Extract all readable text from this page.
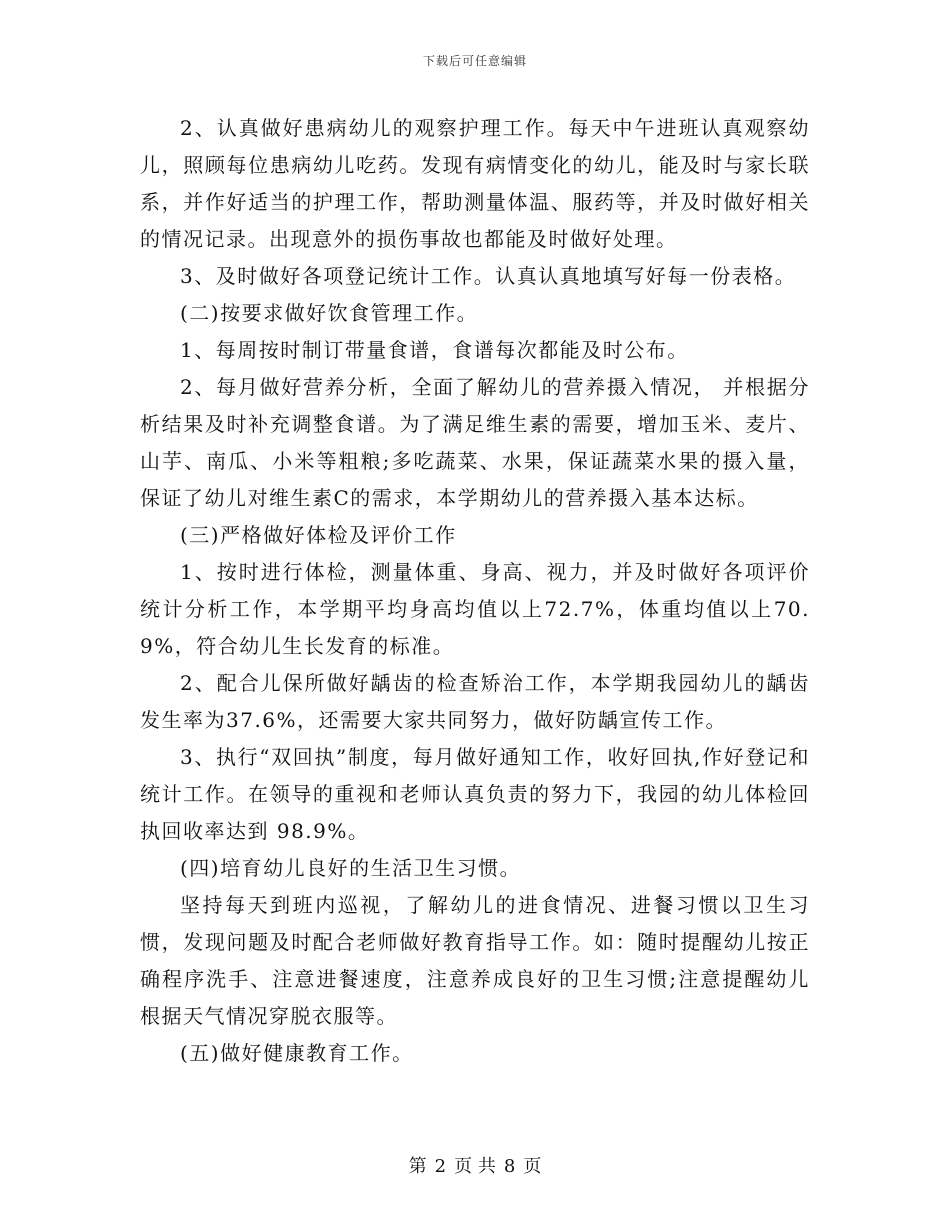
下载后可任意编辑

2、认真做好患病幼儿的观察护理工作。每天中午进班认真观察幼儿，照顾每位患病幼儿吃药。发现有病情变化的幼儿，能及时与家长联系，并作好适当的护理工作，帮助测量体温、服药等，并及时做好相关的情况记录。出现意外的损伤事故也都能及时做好处理。

3、及时做好各项登记统计工作。认真认真地填写好每一份表格。

(二)按要求做好饮食管理工作。

1、每周按时制订带量食谱，食谱每次都能及时公布。

2、每月做好营养分析，全面了解幼儿的营养摄入情况， 并根据分析结果及时补充调整食谱。为了满足维生素的需要，增加玉米、麦片、山芋、南瓜、小米等粗粮;多吃蔬菜、水果，保证蔬菜水果的摄入量，保证了幼儿对维生素C的需求，本学期幼儿的营养摄入基本达标。

(三)严格做好体检及评价工作

1、按时进行体检，测量体重、身高、视力，并及时做好各项评价统计分析工作，本学期平均身高均值以上72.7%，体重均值以上70.9%，符合幼儿生长发育的标准。

2、配合儿保所做好龋齿的检查矫治工作，本学期我园幼儿的龋齿发生率为37.6%，还需要大家共同努力，做好防龋宣传工作。

3、执行“双回执”制度，每月做好通知工作，收好回执,作好登记和统计工作。在领导的重视和老师认真负责的努力下，我园的幼儿体检回执回收率达到 98.9%。

(四)培育幼儿良好的生活卫生习惯。

坚持每天到班内巡视，了解幼儿的进食情况、进餐习惯以卫生习惯，发现问题及时配合老师做好教育指导工作。如：随时提醒幼儿按正确程序洗手、注意进餐速度，注意养成良好的卫生习惯;注意提醒幼儿根据天气情况穿脱衣服等。

(五)做好健康教育工作。

第 2 页 共 8 页
